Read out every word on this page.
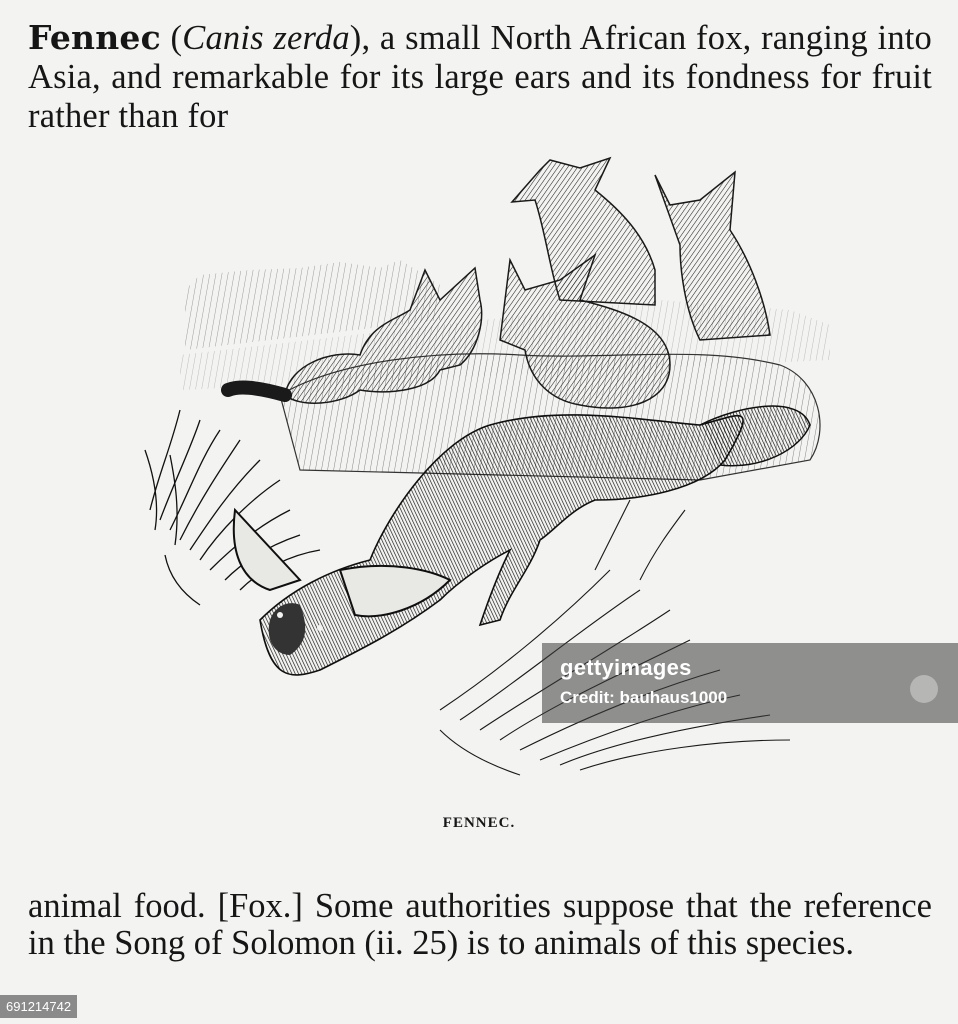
Fennec (Canis zerda), a small North African fox, ranging into Asia, and remarkable for its large ears and its fondness for fruit rather than for

FENNEC.

animal food. [Fox.] Some authorities suppose that the reference in the Song of Solomon (ii. 25) is to animals of this species.

gettyimages
Credit: bauhaus1000
691214742
